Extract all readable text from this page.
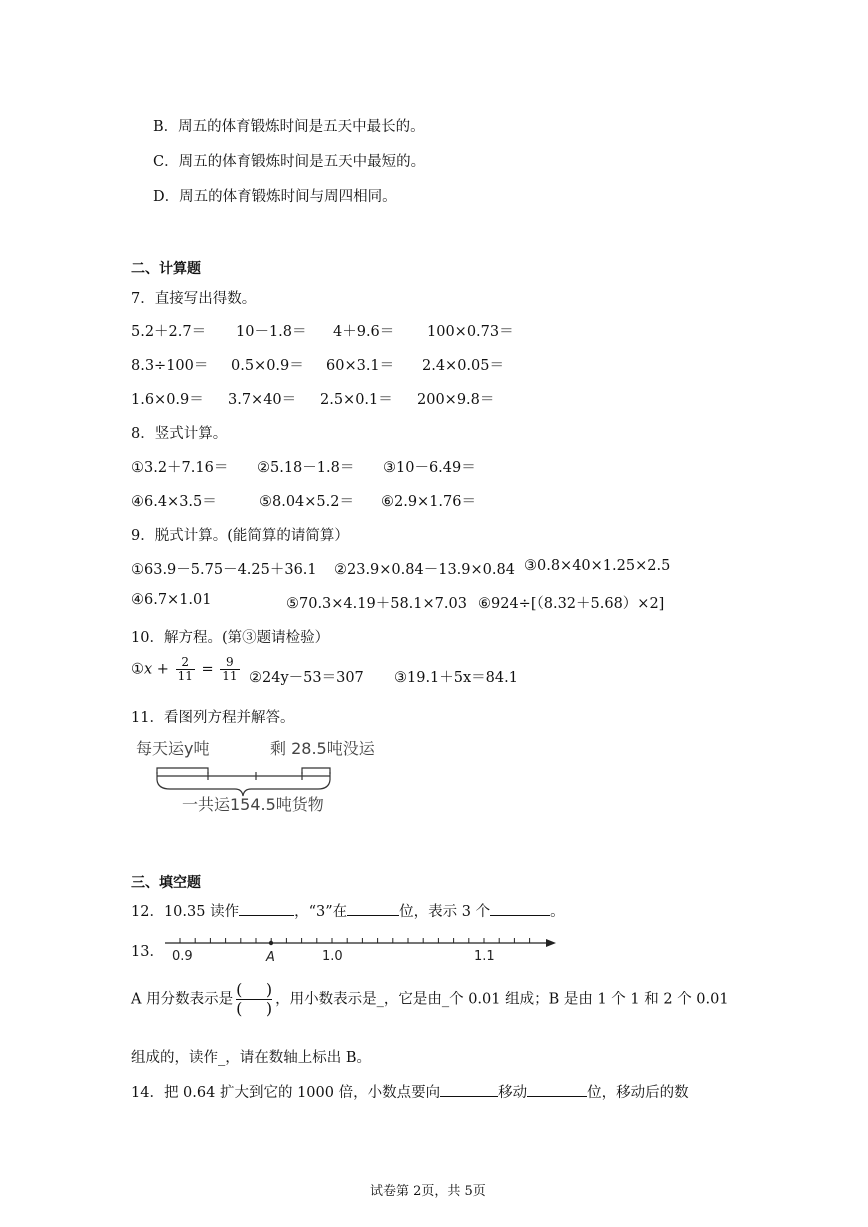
B．周五的体育锻炼时间是五天中最长的。
C．周五的体育锻炼时间是五天中最短的。
D．周五的体育锻炼时间与周四相同。
二、计算题
7．直接写出得数。
5.2＋2.7＝ 10－1.8＝ 4＋9.6＝ 100×0.73＝
8.3÷100＝ 0.5×0.9＝ 60×3.1＝ 2.4×0.05＝
1.6×0.9＝ 3.7×40＝ 2.5×0.1＝ 200×9.8＝
8．竖式计算。
①3.2＋7.16＝ ②5.18－1.8＝ ③10－6.49＝
④6.4×3.5＝	⑤8.04×5.2＝ ⑥2.9×1.76＝
9．脱式计算。(能简算的请简算）
①63.9－5.75－4.25＋36.1 ②23.9×0.84－13.9×0.84 ③0.8×40×1.25×2.5
④6.7×1.01	⑤70.3×4.19＋58.1×7.03 ⑥924÷[（8.32＋5.68）×2]
10．解方程。(第③题请检验）
①x + $\frac{2}{11} = \frac{9}{11}$ ②24y－53＝307 ③19.1＋5x＝84.1
11．看图列方程并解答。
每天运y吨	剩 28.5吨没运
一共运154.5吨货物
三、填空题
12．10.35 读作	，“3”在	位，表示 3 个	。
13． 0.9	A	1.0	1.1
A 用分数表示是
( )
( ) ，用小数表示是_，它是由_个 0.01 组成；B 是由 1 个 1 和 2 个 0.01
组成的，读作_，请在数轴上标出 B。
14．把 0.64 扩大到它的 1000 倍，小数点要向	移动	位，移动后的数
试卷第 2页，共 5页
